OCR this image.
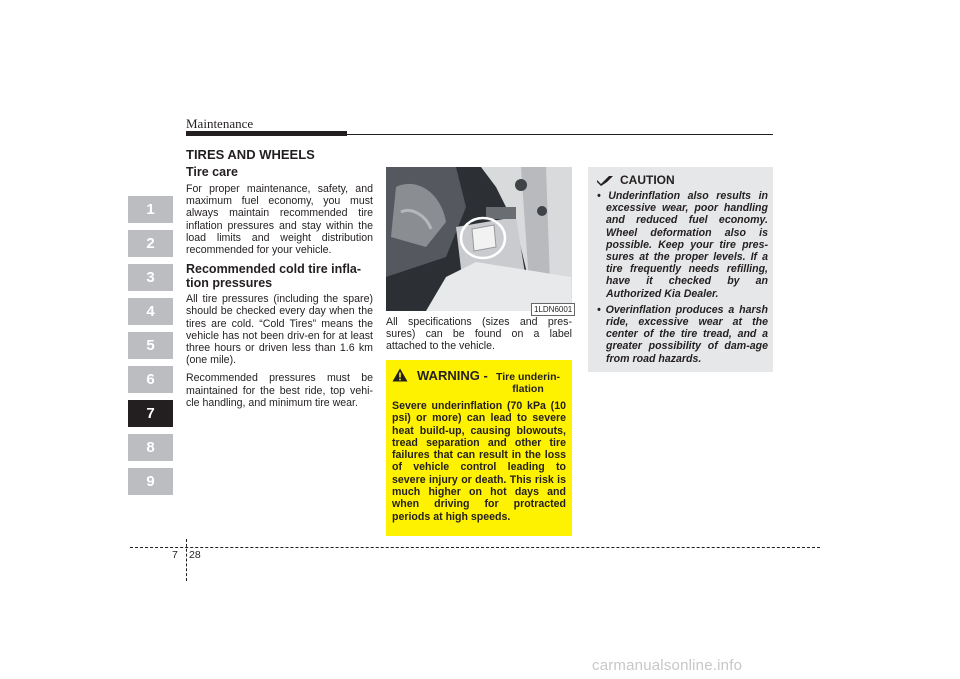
Maintenance
1
2
3
4
5
6
7
8
9
TIRES AND WHEELS
Tire care

For proper maintenance, safety, and maximum fuel economy, you must always maintain recommended tire inflation pressures and stay within the load limits and weight distribution recommended for your vehicle.

Recommended cold tire infla-tion pressures

All tire pressures (including the spare) should be checked every day when the tires are cold. “Cold Tires” means the vehicle has not been driv-en for at least three hours or driven less than 1.6 km (one mile).

Recommended pressures must be maintained for the best ride, top vehi-cle handling, and minimum tire wear.

1LDN6001

All specifications (sizes and pres-sures) can be found on a label attached to the vehicle.

WARNING - Tire underin-flation
Severe underinflation (70 kPa (10 psi) or more) can lead to severe heat build-up, causing blowouts, tread separation and other tire failures that can result in the loss of vehicle control leading to severe injury or death. This risk is much higher on hot days and when driving for protracted periods at high speeds.
CAUTION
• Underinflation also results in excessive wear, poor handling and reduced fuel economy. Wheel deformation also is possible. Keep your tire pres-sures at the proper levels. If a tire frequently needs refilling, have it checked by an Authorized Kia Dealer.
• Overinflation produces a harsh ride, excessive wear at the center of the tire tread, and a greater possibility of dam-age from road hazards.
7 28
carmanualsonline.info
